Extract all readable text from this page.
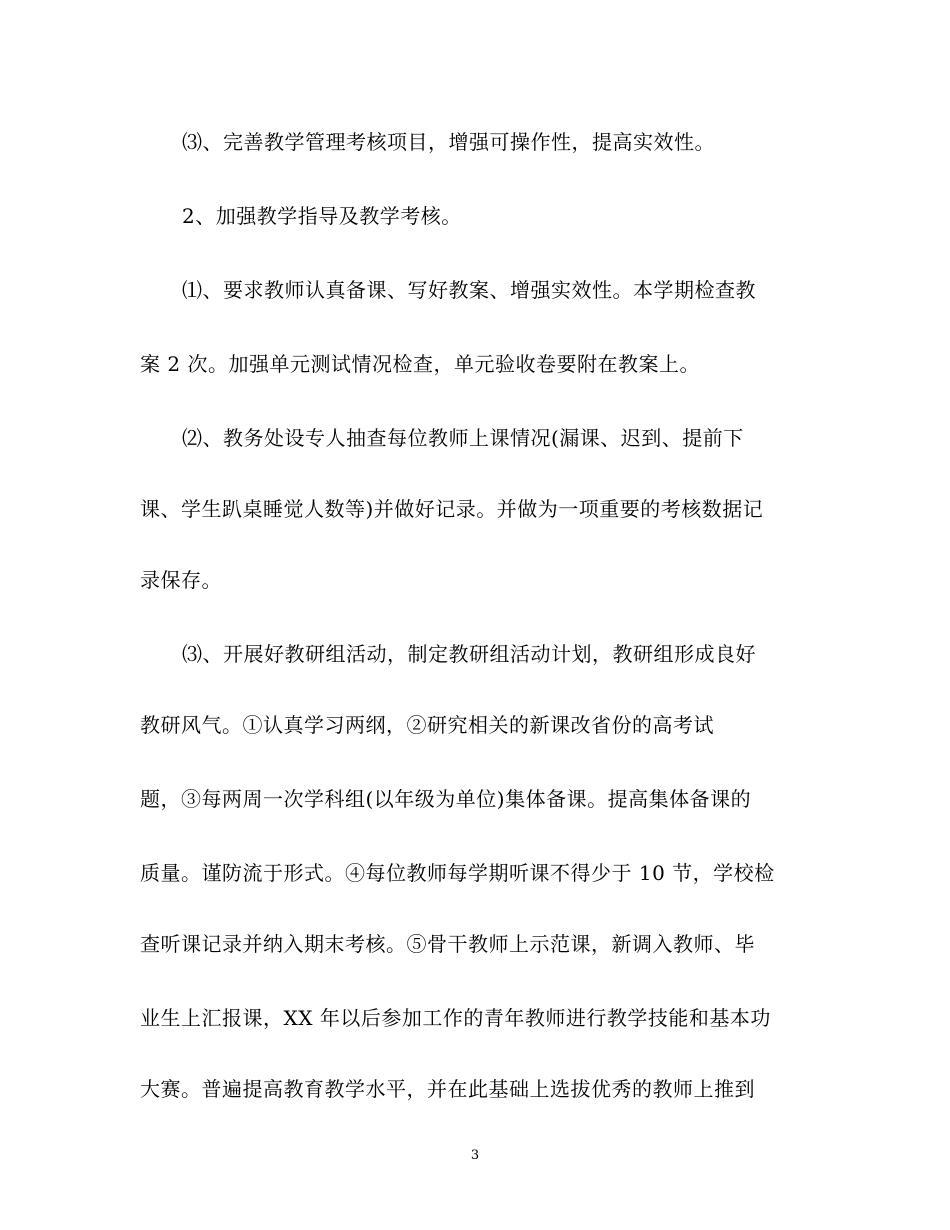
⑶、完善教学管理考核项目，增强可操作性，提高实效性。
2、加强教学指导及教学考核。
⑴、要求教师认真备课、写好教案、增强实效性。本学期检查教
案 2 次。加强单元测试情况检查，单元验收卷要附在教案上。
⑵、教务处设专人抽查每位教师上课情况(漏课、迟到、提前下
课、学生趴桌睡觉人数等)并做好记录。并做为一项重要的考核数据记
录保存。
⑶、开展好教研组活动，制定教研组活动计划，教研组形成良好
教研风气。①认真学习两纲，②研究相关的新课改省份的高考试
题，③每两周一次学科组(以年级为单位)集体备课。提高集体备课的
质量。谨防流于形式。④每位教师每学期听课不得少于 10 节，学校检
查听课记录并纳入期末考核。⑤骨干教师上示范课，新调入教师、毕
业生上汇报课，XX 年以后参加工作的青年教师进行教学技能和基本功
大赛。普遍提高教育教学水平，并在此基础上选拔优秀的教师上推到
3
